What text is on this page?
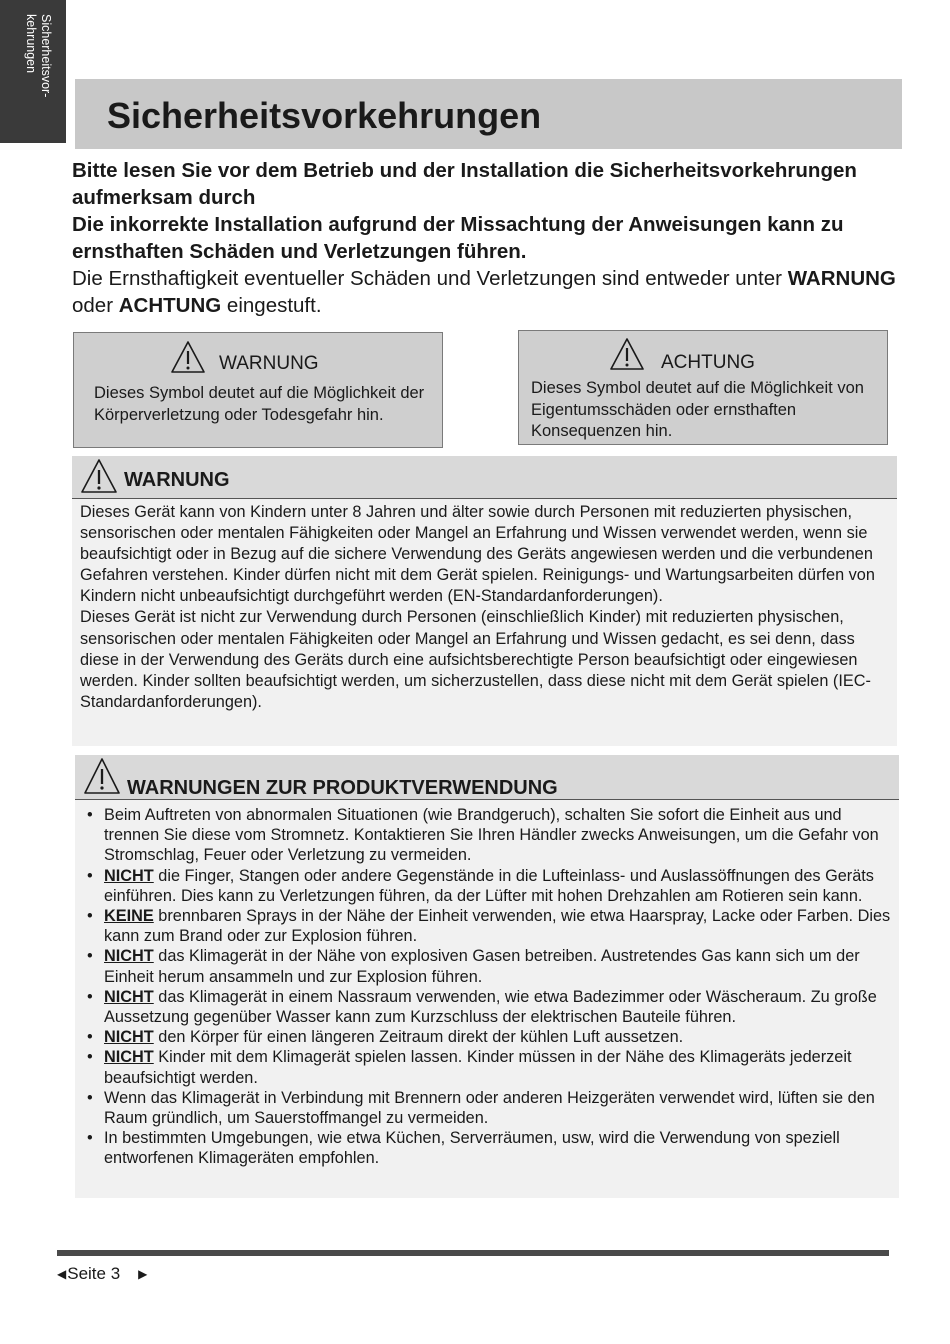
Sicherheitsvor-
kehrungen
Sicherheitsvorkehrungen

Bitte lesen Sie vor dem Betrieb und der Installation die Sicherheitsvorkehrungen aufmerksam durch

Die inkorrekte Installation aufgrund der Missachtung der Anweisungen kann zu ernsthaften Schäden und Verletzungen führen.

Die Ernsthaftigkeit eventueller Schäden und Verletzungen sind entweder unter WARNUNG oder ACHTUNG eingestuft.

WARNUNG
Dieses Symbol deutet auf die Möglichkeit der Körperverletzung oder Todesgefahr hin.
ACHTUNG
Dieses Symbol deutet auf die Möglichkeit von Eigentumsschäden oder ernsthaften Konsequenzen hin.
WARNUNG

Dieses Gerät kann von Kindern unter 8 Jahren und älter sowie durch Personen mit reduzierten physischen, sensorischen oder mentalen Fähigkeiten oder Mangel an Erfahrung und Wissen verwendet werden, wenn sie beaufsichtigt oder in Bezug auf die sichere Verwendung des Geräts angewiesen werden und die verbundenen Gefahren verstehen. Kinder dürfen nicht mit dem Gerät spielen. Reinigungs- und Wartungsarbeiten dürfen von Kindern nicht unbeaufsichtigt durchgeführt werden (EN-Standardanforderungen).

Dieses Gerät ist nicht zur Verwendung durch Personen (einschließlich Kinder) mit reduzierten physischen, sensorischen oder mentalen Fähigkeiten oder Mangel an Erfahrung und Wissen gedacht, es sei denn, dass diese in der Verwendung des Geräts durch eine aufsichtsberechtigte Person beaufsichtigt oder eingewiesen werden. Kinder sollten beaufsichtigt werden, um sicherzustellen, dass diese nicht mit dem Gerät spielen (IEC-Standardanforderungen).

WARNUNGEN ZUR PRODUKTVERWENDUNG
• Beim Auftreten von abnormalen Situationen (wie Brandgeruch), schalten Sie sofort die Einheit aus und trennen Sie diese vom Stromnetz. Kontaktieren Sie Ihren Händler zwecks Anweisungen, um die Gefahr von Stromschlag, Feuer oder Verletzung zu vermeiden.
• NICHT die Finger, Stangen oder andere Gegenstände in die Lufteinlass- und Auslassöffnungen des Geräts einführen. Dies kann zu Verletzungen führen, da der Lüfter mit hohen Drehzahlen am Rotieren sein kann.
• KEINE brennbaren Sprays in der Nähe der Einheit verwenden, wie etwa Haarspray, Lacke oder Farben. Dies kann zum Brand oder zur Explosion führen.
• NICHT das Klimagerät in der Nähe von explosiven Gasen betreiben. Austretendes Gas kann sich um der Einheit herum ansammeln und zur Explosion führen.
• NICHT das Klimagerät in einem Nassraum verwenden, wie etwa Badezimmer oder Wäscheraum. Zu große Aussetzung gegenüber Wasser kann zum Kurzschluss der elektrischen Bauteile führen.
• NICHT den Körper für einen längeren Zeitraum direkt der kühlen Luft aussetzen.
• NICHT Kinder mit dem Klimagerät spielen lassen. Kinder müssen in der Nähe des Klimageräts jederzeit beaufsichtigt werden.
• Wenn das Klimagerät in Verbindung mit Brennern oder anderen Heizgeräten verwendet wird, lüften sie den Raum gründlich, um Sauerstoffmangel zu vermeiden.
• In bestimmten Umgebungen, wie etwa Küchen, Serverräumen, usw, wird die Verwendung von speziell entworfenen Klimageräten empfohlen.
◀ Seite 3 ▶
